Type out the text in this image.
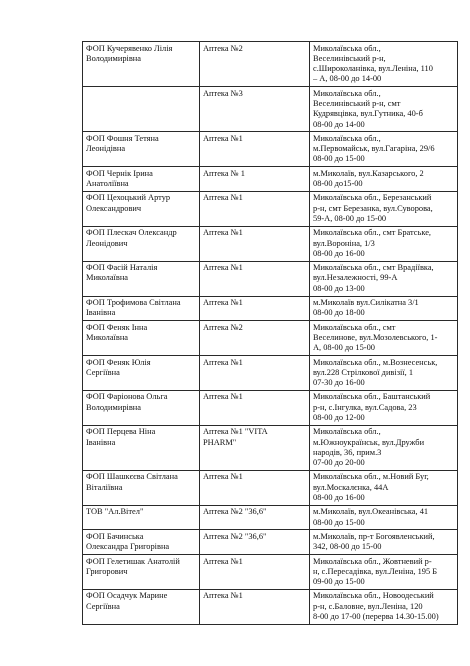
ФОП Кучерявенко Лілія
Володимирівна	Аптека №2	Миколаївська обл.,
Веселинівський р-н,
с.Широколанівка, вул.Леніна, 110
– А, 08-00 до 14-00

	Аптека №3	Миколаївська обл.,
Веселинівський р-н, смт
Кудрявцівка, вул.Гутника, 40-б
08-00 до 14-00

ФОП Фошня Тетяна
Леонідівна	Аптека №1	Миколаївська обл.,
м.Первомайськ, вул.Гагаріна, 29/6
08-00 до 15-00

ФОП Чернік Ірина
Анатоліївна	Аптека № 1	м.Миколаїв, вул.Казарського, 2
08-00 до15-00

ФОП Цехоцький Артур
Олександрович	Аптека №1	Миколаївська обл., Березанський
р-н, смт Березанка, вул.Суворова,
59-А, 08-00 до 15-00

ФОП Плескач Олександр
Леонідович	Аптека №1	Миколаївська обл., смт Братське,
вул.Вороніна, 1/3
08-00 до 16-00

ФОП Фасій Наталія
Миколаївна	Аптека №1	Миколаївська обл., смт Врадіївка,
вул.Незалежності, 99-А
08-00 до 13-00

ФОП Трофимова Світлана
Іванівна	Аптека №1	м.Миколаїв вул.Силікатна 3/1
08-00 до 18-00

ФОП Феняк Інна
Миколаївна	Аптека №2	Миколаївська обл., смт
Веселинове, вул.Мозолевського, 1-
А, 08-00 до 15-00

ФОП Феняк Юлія
Сергіївна	Аптека №1	Миколаївська обл., м.Вознесенськ,
вул.228 Стрілкової дивізії, 1
07-30 до 16-00

ФОП Фаріонова Ольга
Володимирівна	Аптека №1	Миколаївська обл., Баштанський
р-н, с.Інгулка, вул.Садова, 23
08-00 до 12-00

ФОП Перцева Ніна
Іванівна	Аптека №1 "VITA
PHARM"	Миколаївська обл.,
м.Южноукраїнськ, вул.Дружби
народів, 36, прим.3
07-00 до 20-00

ФОП Шашкєєва Світлана
Віталіївна	Аптека №1	Миколаївська обл., м.Новий Буг,
вул.Москалєнка, 44А
08-00 до 16-00

ТОВ "Ал.Вітел"	Аптека №2 "36,6"	м.Миколаїв, вул.Океанівська, 41
08-00 до 15-00

ФОП Бачинська
Олександра Григорівна	Аптека №2 "36,6"	м.Миколаїв, пр-т Богоявленський,
342, 08-00 до 15-00

ФОП Гелетишак Анатолій
Григорович	Аптека №1	Миколаївська обл., Жовтневий р-
н, с.Пересадівка, вул.Леніна, 195 Б
09-00 до 15-00

ФОП Осадчук Марине
Сергіївна	Аптека №1	Миколаївська обл., Новоодеський
р-н, с.Баловне, вул.Леніна, 120
8-00 до 17-00 (перерва 14.30-15.00)
